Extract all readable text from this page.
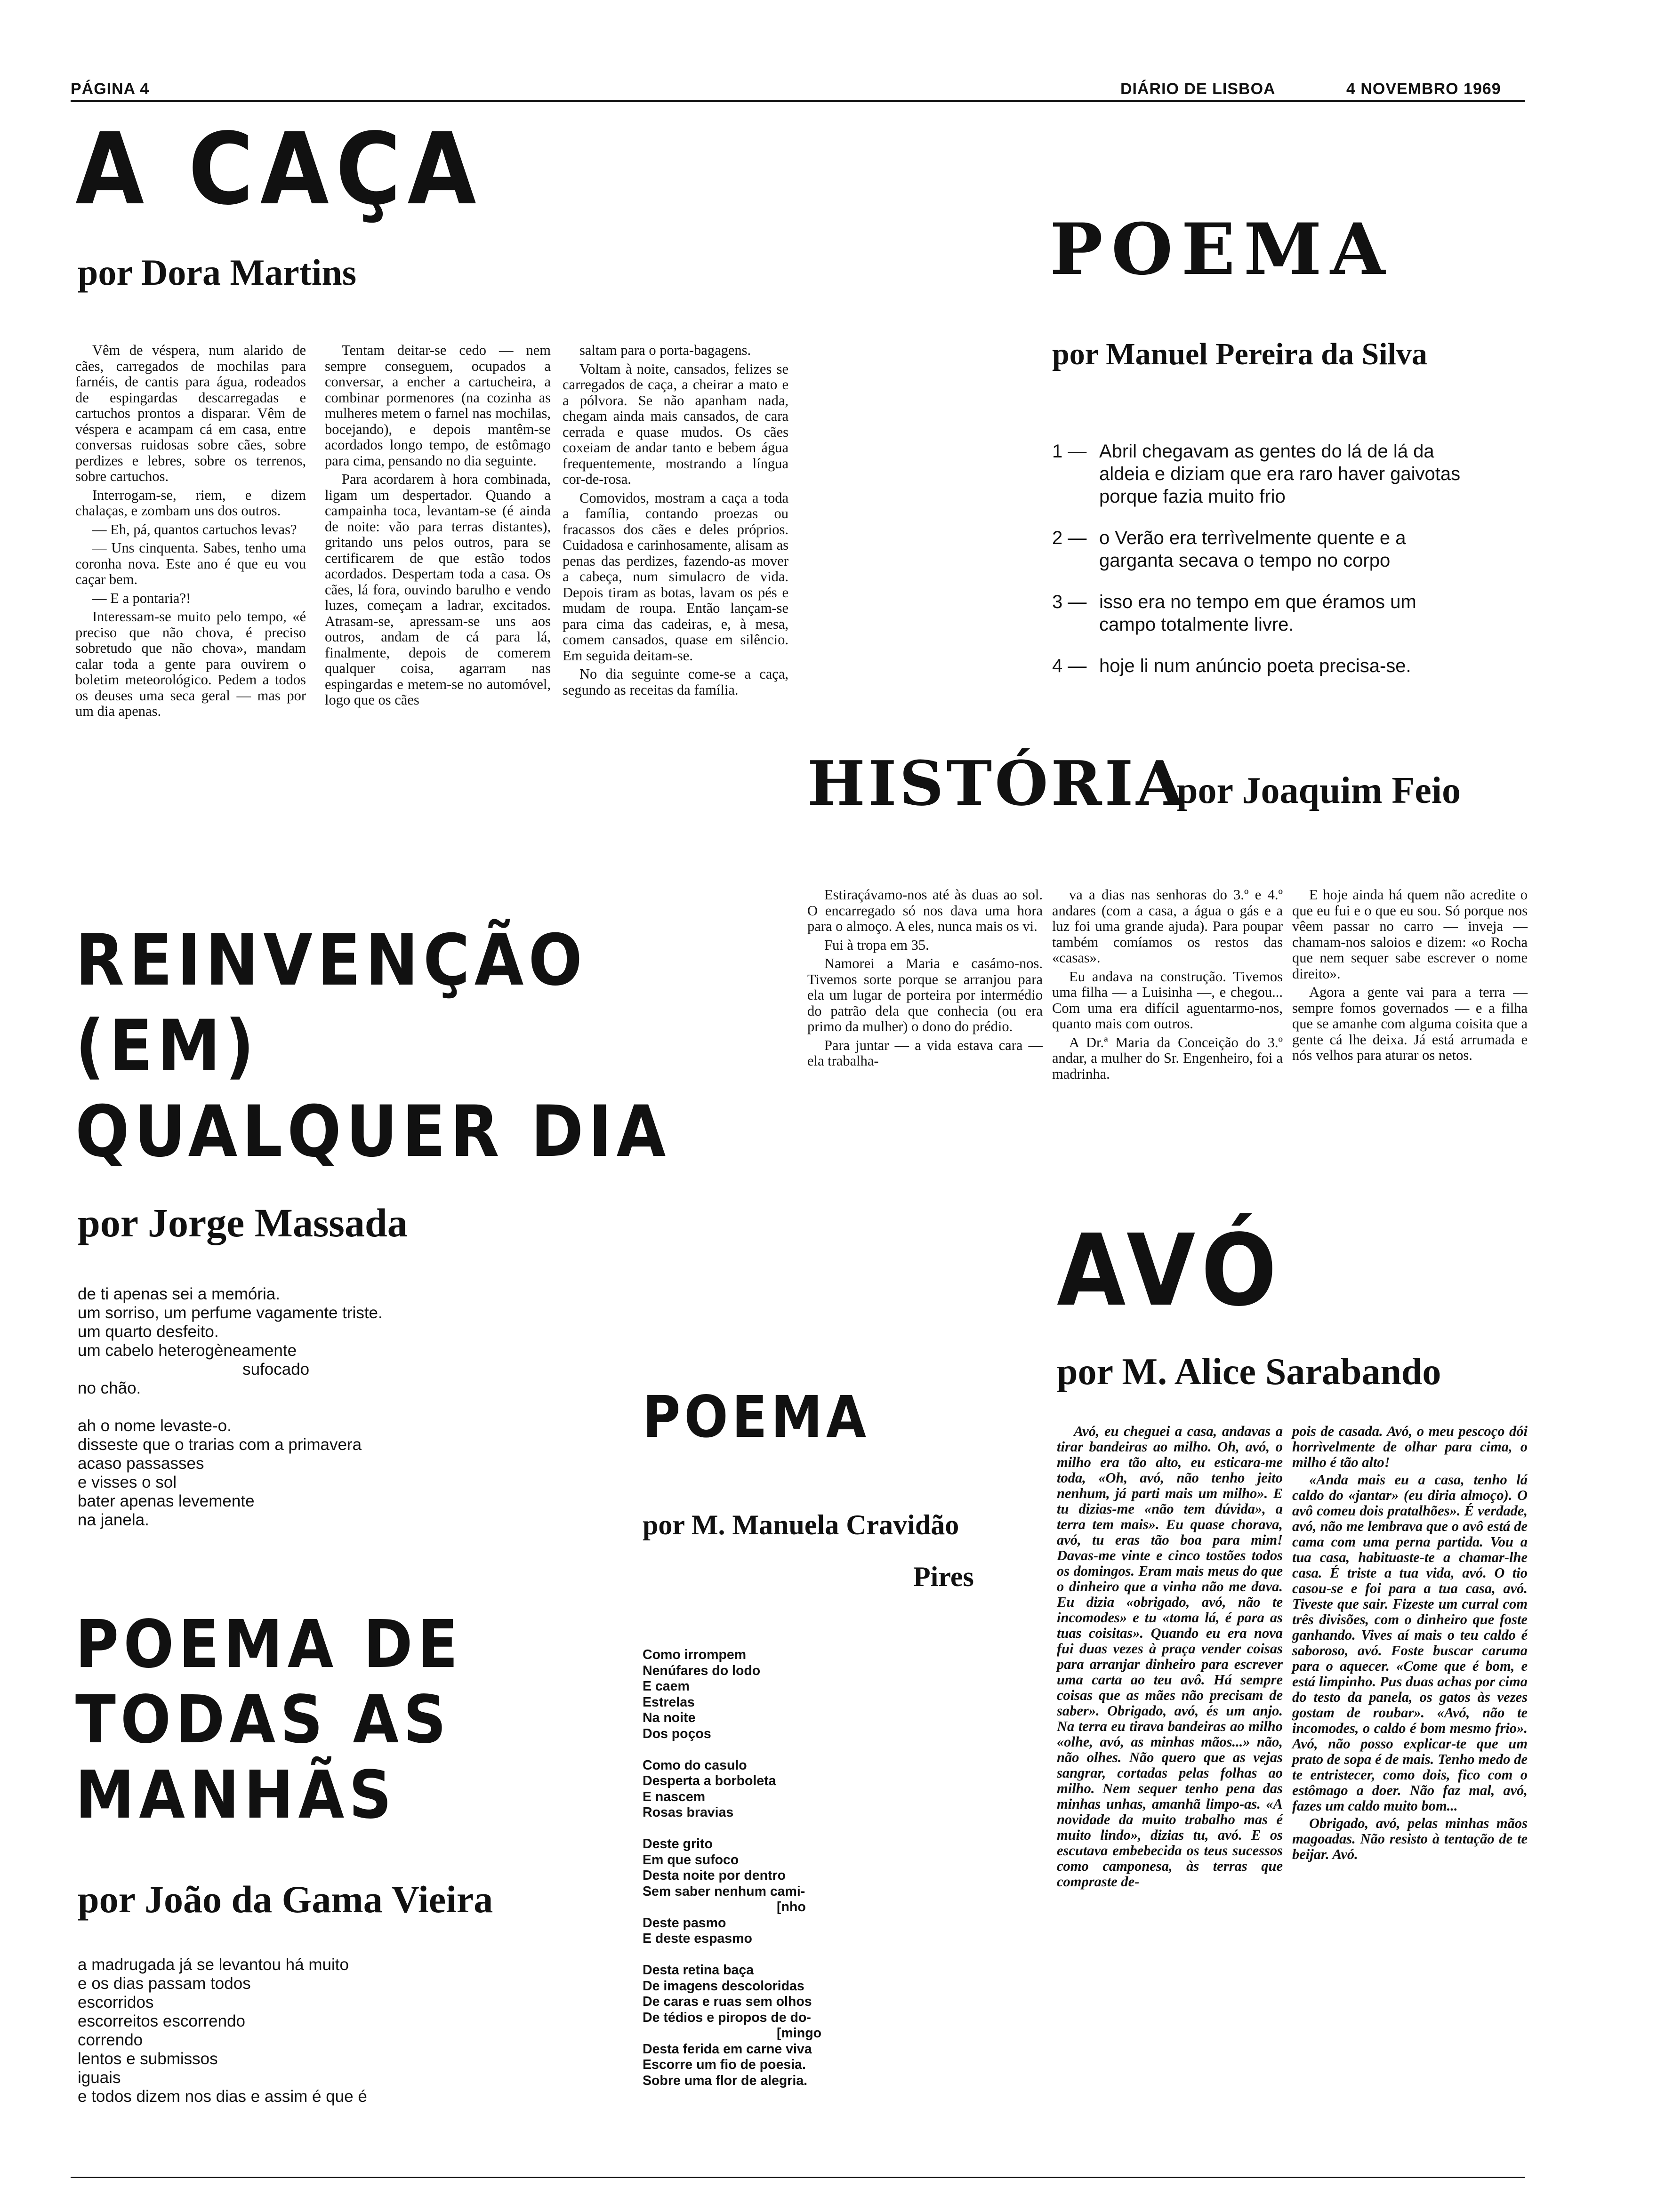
PÁGINA 4	DIÁRIO DE LISBOA	4 NOVEMBRO 1969
A CAÇA
por Dora Martins

Vêm de véspera, num alarido de cães, carregados de mochilas para farnéis, de cantis para água, rodeados de espingardas descarregadas e cartuchos prontos a disparar. Vêm de véspera e acampam cá em casa, entre conversas ruidosas sobre cães, sobre perdizes e lebres, sobre os terrenos, sobre cartuchos.

Interrogam-se, riem, e dizem chalaças, e zombam uns dos outros.

— Eh, pá, quantos cartuchos levas?

— Uns cinquenta. Sabes, tenho uma coronha nova. Este ano é que eu vou caçar bem.

— E a pontaria?!

Interessam-se muito pelo tempo, «é preciso que não chova, é preciso sobretudo que não chova», mandam calar toda a gente para ouvirem o boletim meteorológico. Pedem a todos os deuses uma seca geral — mas por um dia apenas.

Tentam deitar-se cedo — nem sempre conseguem, ocupados a conversar, a encher a cartucheira, a combinar pormenores (na cozinha as mulheres metem o farnel nas mochilas, bocejando), e depois mantêm-se acordados longo tempo, de estômago para cima, pensando no dia seguinte.

Para acordarem à hora combinada, ligam um despertador. Quando a campainha toca, levantam-se (é ainda de noite: vão para terras distantes), gritando uns pelos outros, para se certificarem de que estão todos acordados. Despertam toda a casa. Os cães, lá fora, ouvindo barulho e vendo luzes, começam a ladrar, excitados. Atrasam-se, apressam-se uns aos outros, andam de cá para lá, finalmente, depois de comerem qualquer coisa, agarram nas espingardas e metem-se no automóvel, logo que os cães

saltam para o porta-bagagens.

Voltam à noite, cansados, felizes se carregados de caça, a cheirar a mato e a pólvora. Se não apanham nada, chegam ainda mais cansados, de cara cerrada e quase mudos. Os cães coxeiam de andar tanto e bebem água frequentemente, mostrando a língua cor-de-rosa.

Comovidos, mostram a caça a toda a família, contando proezas ou fracassos dos cães e deles próprios. Cuidadosa e carinhosamente, alisam as penas das perdizes, fazendo-as mover a cabeça, num simulacro de vida. Depois tiram as botas, lavam os pés e mudam de roupa. Então lançam-se para cima das cadeiras, e, à mesa, comem cansados, quase em silêncio. Em seguida deitam-se.

No dia seguinte come-se a caça, segundo as receitas da família.

POEMA
por Manuel Pereira da Silva
1 — Abril chegavam as gentes do lá de lá da aldeia e diziam que era raro haver gaivotas porque fazia muito frio
2 — o Verão era terrìvelmente quente e a garganta secava o tempo no corpo
3 — isso era no tempo em que éramos um campo totalmente livre.
4 — hoje li num anúncio poeta precisa-se.
HISTÓRIA
por Joaquim Feio

Estiraçávamo-nos até às duas ao sol. O encarregado só nos dava uma hora para o almoço. A eles, nunca mais os vi.

Fui à tropa em 35.

Namorei a Maria e casámo-nos. Tivemos sorte porque se arranjou para ela um lugar de porteira por intermédio do patrão dela que conhecia (ou era primo da mulher) o dono do prédio.

Para juntar — a vida estava cara — ela trabalha-

va a dias nas senhoras do 3.º e 4.º andares (com a casa, a água o gás e a luz foi uma grande ajuda). Para poupar também comíamos os restos das «casas».

Eu andava na construção. Tivemos uma filha — a Luisinha —, e chegou... Com uma era difícil aguentarmo-nos, quanto mais com outros.

A Dr.ª Maria da Conceição do 3.º andar, a mulher do Sr. Engenheiro, foi a madrinha.

E hoje ainda há quem não acredite o que eu fui e o que eu sou. Só porque nos vêem passar no carro — inveja — chamam-nos saloios e dizem: «o Rocha que nem sequer sabe escrever o nome direito».

Agora a gente vai para a terra — sempre fomos governados — e a filha que se amanhe com alguma coisita que a gente cá lhe deixa. Já está arrumada e nós velhos para aturar os netos.

REINVENÇÃO
(EM)
QUALQUER DIA
por Jorge Massada
de ti apenas sei a memória.
um sorriso, um perfume vagamente triste.
um quarto desfeito.
um cabelo heterogèneamente
sufocado
no chão.

ah o nome levaste-o.
disseste que o trarias com a primavera
acaso passasses
e visses o sol
bater apenas levemente
na janela.
POEMA DE
TODAS AS
MANHÃS
por João da Gama Vieira
a madrugada já se levantou há muito
e os dias passam todos
escorridos
escorreitos escorrendo
correndo
lentos e submissos
iguais
e todos dizem nos dias e assim é que é
POEMA
por M. Manuela Cravidão
Pires
Como irrompem
Nenúfares do lodo
E caem
Estrelas
Na noite
Dos poços

Como do casulo
Desperta a borboleta
E nascem
Rosas bravias

Deste grito
Em que sufoco
Desta noite por dentro
Sem saber nenhum cami-
[nho
Deste pasmo
E deste espasmo

Desta retina baça
De imagens descoloridas
De caras e ruas sem olhos
De tédios e piropos de do-
[mingo
Desta ferida em carne viva
Escorre um fio de poesia.
Sobre uma flor de alegria.
AVÓ
por M. Alice Sarabando

Avó, eu cheguei a casa, andavas a tirar bandeiras ao milho. Oh, avó, o milho era tão alto, eu esticara-me toda, «Oh, avó, não tenho jeito nenhum, já parti mais um milho». E tu dizias-me «não tem dúvida», a terra tem mais». Eu quase chorava, avó, tu eras tão boa para mim! Davas-me vinte e cinco tostões todos os domingos. Eram mais meus do que o dinheiro que a vinha não me dava. Eu dizia «obrigado, avó, não te incomodes» e tu «toma lá, é para as tuas coisitas». Quando eu era nova fui duas vezes à praça vender coisas para arranjar dinheiro para escrever uma carta ao teu avô. Há sempre coisas que as mães não precisam de saber». Obrigado, avó, és um anjo. Na terra eu tirava bandeiras ao milho «olhe, avó, as minhas mãos...» não, não olhes. Não quero que as vejas sangrar, cortadas pelas folhas ao milho. Nem sequer tenho pena das minhas unhas, amanhã limpo-as. «A novidade da muito trabalho mas é muito lindo», dizias tu, avó. E os escutava embebecida os teus sucessos como camponesa, às terras que compraste de-

pois de casada. Avó, o meu pescoço dói horrìvelmente de olhar para cima, o milho é tão alto!

«Anda mais eu a casa, tenho lá caldo do «jantar» (eu diria almoço). O avô comeu dois pratalhões». É verdade, avó, não me lembrava que o avô está de cama com uma perna partida. Vou a tua casa, habituaste-te a chamar-lhe casa. É triste a tua vida, avó. O tio casou-se e foi para a tua casa, avó. Tiveste que sair. Fizeste um curral com três divisões, com o dinheiro que foste ganhando. Vives aí mais o teu caldo é saboroso, avó. Foste buscar caruma para o aquecer. «Come que é bom, e está limpinho. Pus duas achas por cima do testo da panela, os gatos às vezes gostam de roubar». «Avó, não te incomodes, o caldo é bom mesmo frio». Avó, não posso explicar-te que um prato de sopa é de mais. Tenho medo de te entristecer, como dois, fico com o estômago a doer. Não faz mal, avó, fazes um caldo muito bom...

Obrigado, avó, pelas minhas mãos magoadas. Não resisto à tentação de te beijar. Avó.
